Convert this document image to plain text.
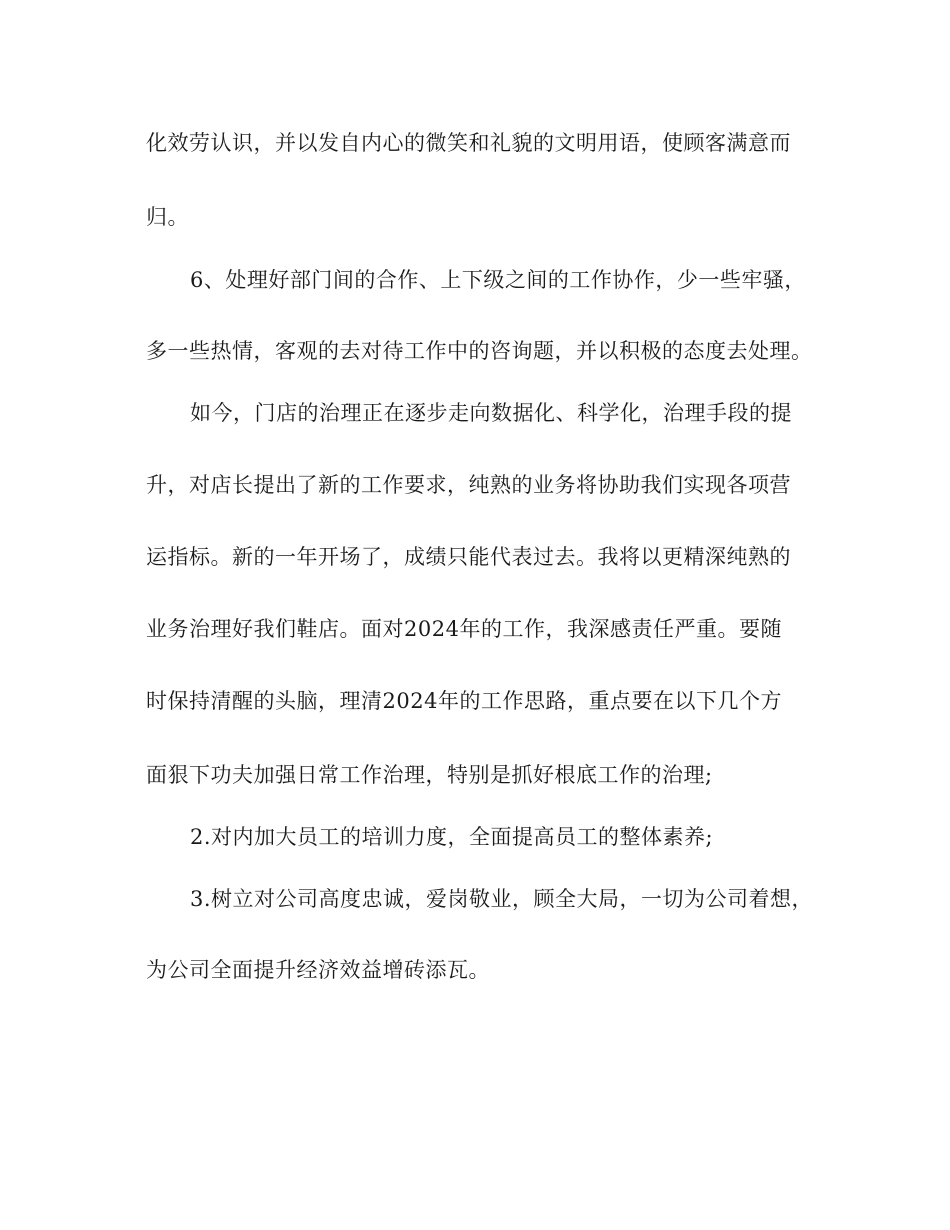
化效劳认识，并以发自内心的微笑和礼貌的文明用语，使顾客满意而
归。
6、处理好部门间的合作、上下级之间的工作协作，少一些牢骚，
多一些热情，客观的去对待工作中的咨询题，并以积极的态度去处理。
如今，门店的治理正在逐步走向数据化、科学化，治理手段的提
升，对店长提出了新的工作要求，纯熟的业务将协助我们实现各项营
运指标。新的一年开场了，成绩只能代表过去。我将以更精深纯熟的
业务治理好我们鞋店。面对2024年的工作，我深感责任严重。要随
时保持清醒的头脑，理清2024年的工作思路，重点要在以下几个方
面狠下功夫加强日常工作治理，特别是抓好根底工作的治理;
2.对内加大员工的培训力度，全面提高员工的整体素养;
3.树立对公司高度忠诚，爱岗敬业，顾全大局，一切为公司着想，
为公司全面提升经济效益增砖添瓦。
